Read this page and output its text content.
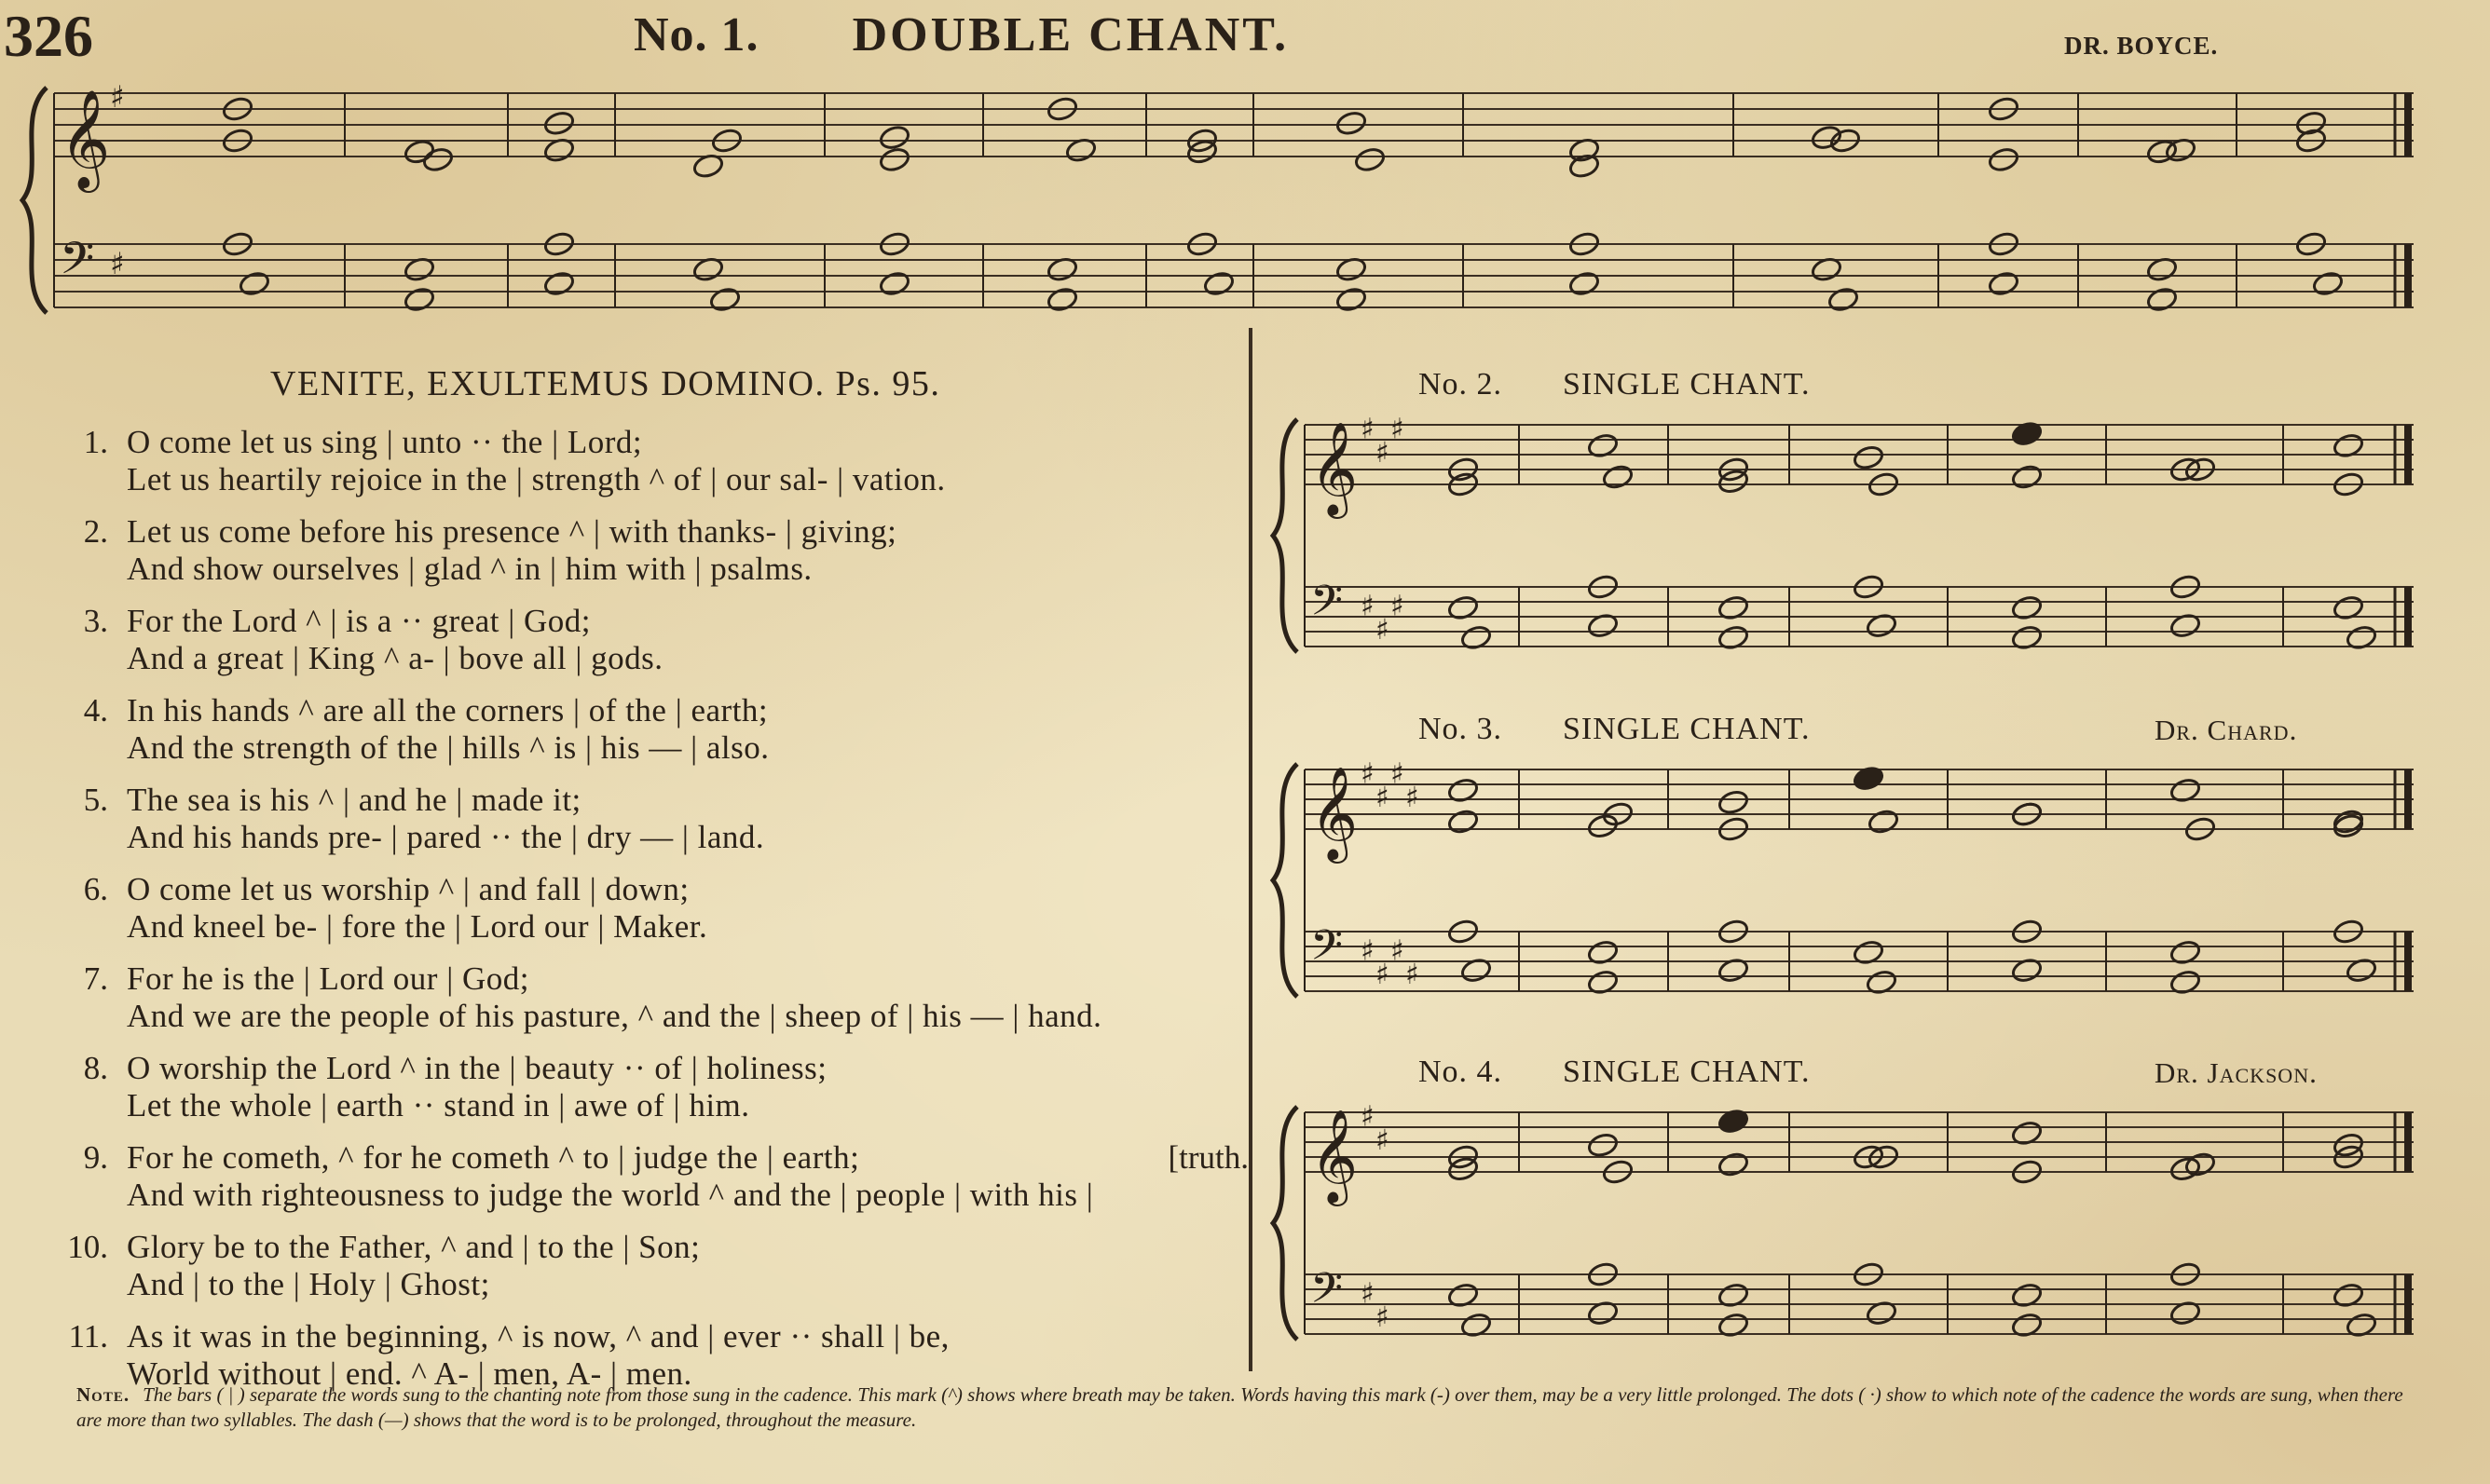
326	No. 1. DOUBLE CHANT.	DR. BOYCE.
𝄞
𝄢
♯
♯
VENITE, EXULTEMUS DOMINO. Ps. 95.
1. O come let us sing | unto ·· the | Lord;
Let us heartily rejoice in the | strength ^ of | our sal- | vation.
2. Let us come before his presence ^ | with thanks- | giving;
And show ourselves | glad ^ in | him with | psalms.
3. For the Lord ^ | is a ·· great | God;
And a great | King ^ a- | bove all | gods.
4. In his hands ^ are all the corners | of the | earth;
And the strength of the | hills ^ is | his — | also.
5. The sea is his ^ | and he | made it;
And his hands pre- | pared ·· the | dry — | land.
6. O come let us worship ^ | and fall | down;
And kneel be- | fore the | Lord our | Maker.
7. For he is the | Lord our | God;
And we are the people of his pasture, ^ and the | sheep of | his — | hand.
8. O worship the Lord ^ in the | beauty ·· of | holiness;
Let the whole | earth ·· stand in | awe of | him.
9. For he cometh, ^ for he cometh ^ to | judge the | earth;	[truth.
And with righteousness to judge the world ^ and the | people | with his |
10. Glory be to the Father, ^ and | to the | Son;
And | to the | Holy | Ghost;
11. As it was in the beginning, ^ is now, ^ and | ever ·· shall | be,
World without | end. ^ A- | men, A- | men.
No. 2. SINGLE CHANT.
𝄞
𝄢
♯
♯
♯
♯
♯
♯
No. 3. SINGLE CHANT.	Dr. Chard.
𝄞
𝄢
♯
♯
♯
♯
♯
♯
♯
♯
No. 4. SINGLE CHANT.	Dr. Jackson.
𝄞
𝄢
♯
♯
♯
♯
Note. The bars ( | ) separate the words sung to the chanting note from those sung in the cadence. This mark (^) shows where breath may be taken. Words having this mark (-) over them, may be a very little prolonged. The dots ( ·) show to which note of the cadence the words are sung, when there are more than two syllables. The dash (—) shows that the word is to be prolonged, throughout the measure.
